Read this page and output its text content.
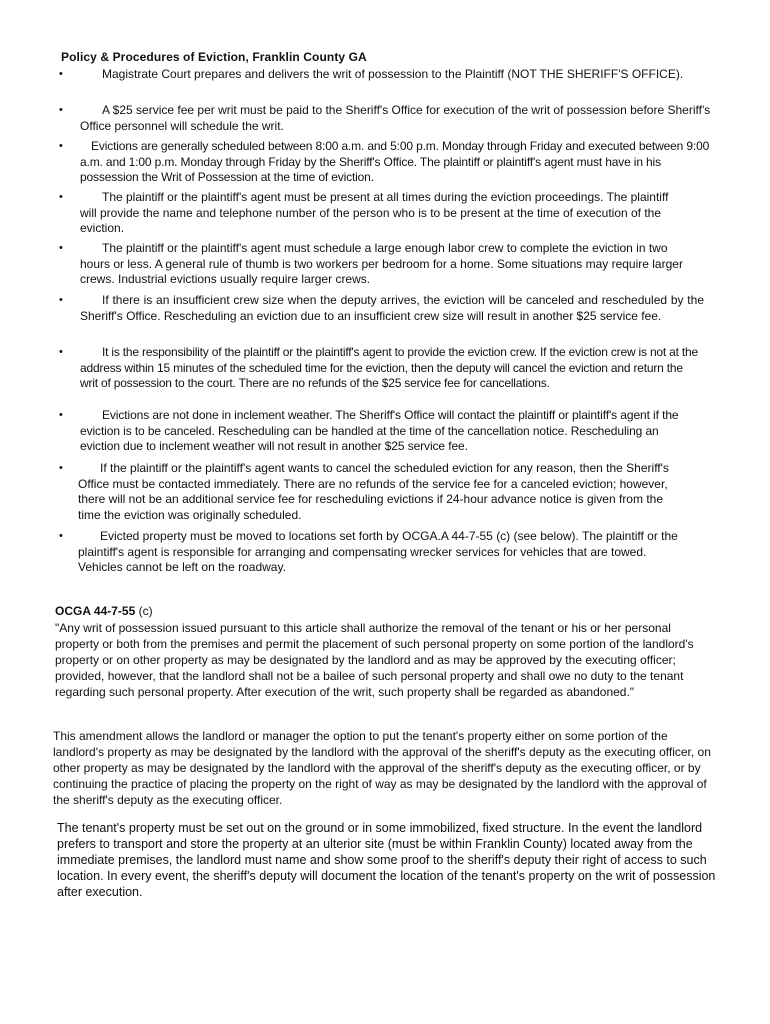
Policy & Procedures of Eviction, Franklin County GA
•	Magistrate Court prepares and delivers the writ of possession to the Plaintiff (NOT THE SHERIFF'S OFFICE).
•	A $25 service fee per writ must be paid to the Sheriff's Office for execution of the writ of possession before Sheriff's Office personnel will schedule the writ.
•	Evictions are generally scheduled between 8:00 a.m. and 5:00 p.m. Monday through Friday and executed between 9:00 a.m. and 1:00 p.m. Monday through Friday by the Sheriff's Office. The plaintiff or plaintiff's agent must have in his possession the Writ of Possession at the time of eviction.
•	The plaintiff or the plaintiff's agent must be present at all times during the eviction proceedings. The plaintiff will provide the name and telephone number of the person who is to be present at the time of execution of the eviction.
•	The plaintiff or the plaintiff's agent must schedule a large enough labor crew to complete the eviction in two hours or less. A general rule of thumb is two workers per bedroom for a home. Some situations may require larger crews. Industrial evictions usually require larger crews.
•	If there is an insufficient crew size when the deputy arrives, the eviction will be canceled and rescheduled by the Sheriff's Office. Rescheduling an eviction due to an insufficient crew size will result in another $25 service fee.
•	It is the responsibility of the plaintiff or the plaintiff's agent to provide the eviction crew. If the eviction crew is not at the address within 15 minutes of the scheduled time for the eviction, then the deputy will cancel the eviction and return the writ of possession to the court. There are no refunds of the $25 service fee for cancellations.
•	Evictions are not done in inclement weather. The Sheriff's Office will contact the plaintiff or plaintiff's agent if the eviction is to be canceled. Rescheduling can be handled at the time of the cancellation notice. Rescheduling an eviction due to inclement weather will not result in another $25 service fee.
•	If the plaintiff or the plaintiff's agent wants to cancel the scheduled eviction for any reason, then the Sheriff's Office must be contacted immediately. There are no refunds of the service fee for a canceled eviction; however, there will not be an additional service fee for rescheduling evictions if 24-hour advance notice is given from the time the eviction was originally scheduled.
•	Evicted property must be moved to locations set forth by OCGA.A 44-7-55 (c) (see below). The plaintiff or the plaintiff's agent is responsible for arranging and compensating wrecker services for vehicles that are towed. Vehicles cannot be left on the roadway.
OCGA 44-7-55 (c)
"Any writ of possession issued pursuant to this article shall authorize the removal of the tenant or his or her personal property or both from the premises and permit the placement of such personal property on some portion of the landlord's property or on other property as may be designated by the landlord and as may be approved by the executing officer; provided, however, that the landlord shall not be a bailee of such personal property and shall owe no duty to the tenant regarding such personal property. After execution of the writ, such property shall be regarded as abandoned."
This amendment allows the landlord or manager the option to put the tenant's property either on some portion of the landlord's property as may be designated by the landlord with the approval of the sheriff's deputy as the executing officer, on other property as may be designated by the landlord with the approval of the sheriff's deputy as the executing officer, or by continuing the practice of placing the property on the right of way as may be designated by the landlord with the approval of the sheriff's deputy as the executing officer.
The tenant's property must be set out on the ground or in some immobilized, fixed structure. In the event the landlord prefers to transport and store the property at an ulterior site (must be within Franklin County) located away from the immediate premises, the landlord must name and show some proof to the sheriff's deputy their right of access to such location. In every event, the sheriff's deputy will document the location of the tenant's property on the writ of possession after execution.
